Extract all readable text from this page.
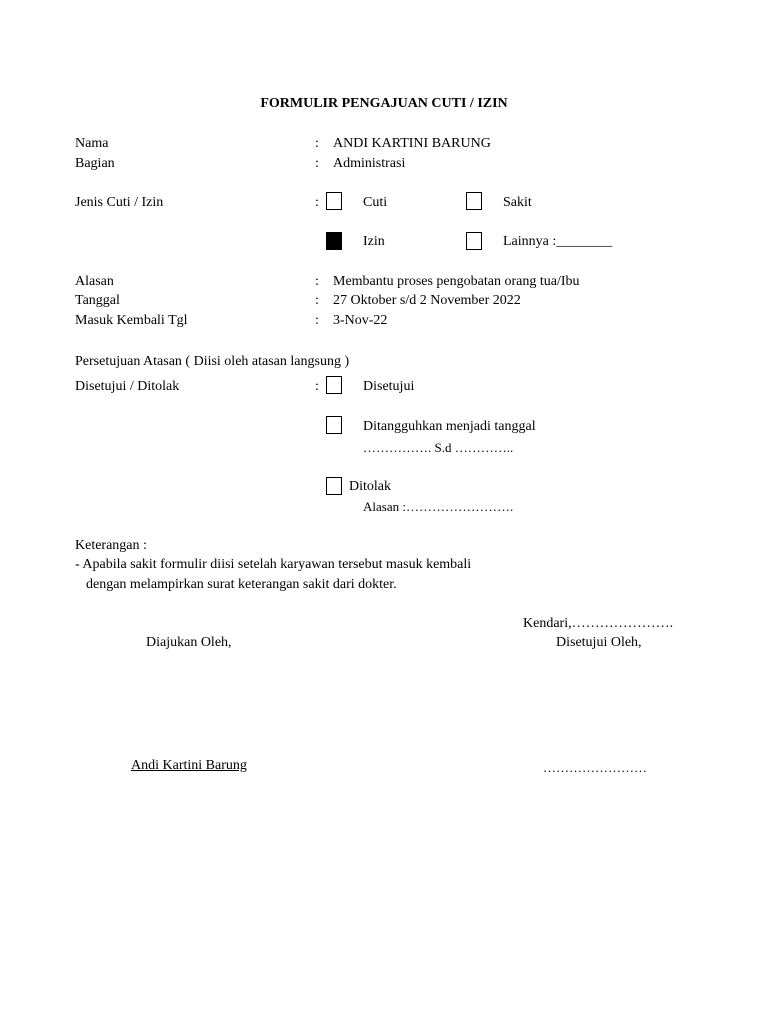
FORMULIR PENGAJUAN CUTI / IZIN
Nama	: ANDI KARTINI BARUNG
Bagian	: Administrasi
Jenis Cuti / Izin	:	Cuti	Sakit
Izin	Lainnya :________
Alasan	: Membantu proses pengobatan orang tua/Ibu
Tanggal	: 27 Oktober s/d 2 November 2022
Masuk Kembali Tgl	: 3-Nov-22
Persetujuan Atasan ( Diisi oleh atasan langsung )
Disetujui / Ditolak	:	Disetujui
Ditangguhkan menjadi tanggal
……………. S.d …………..
Ditolak
Alasan :…………………….
Keterangan :
- Apabila sakit formulir diisi setelah karyawan tersebut masuk kembali
dengan melampirkan surat keterangan sakit dari dokter.
Kendari,………………….
Diajukan Oleh,	Disetujui Oleh,
Andi Kartini Barung	……………………
